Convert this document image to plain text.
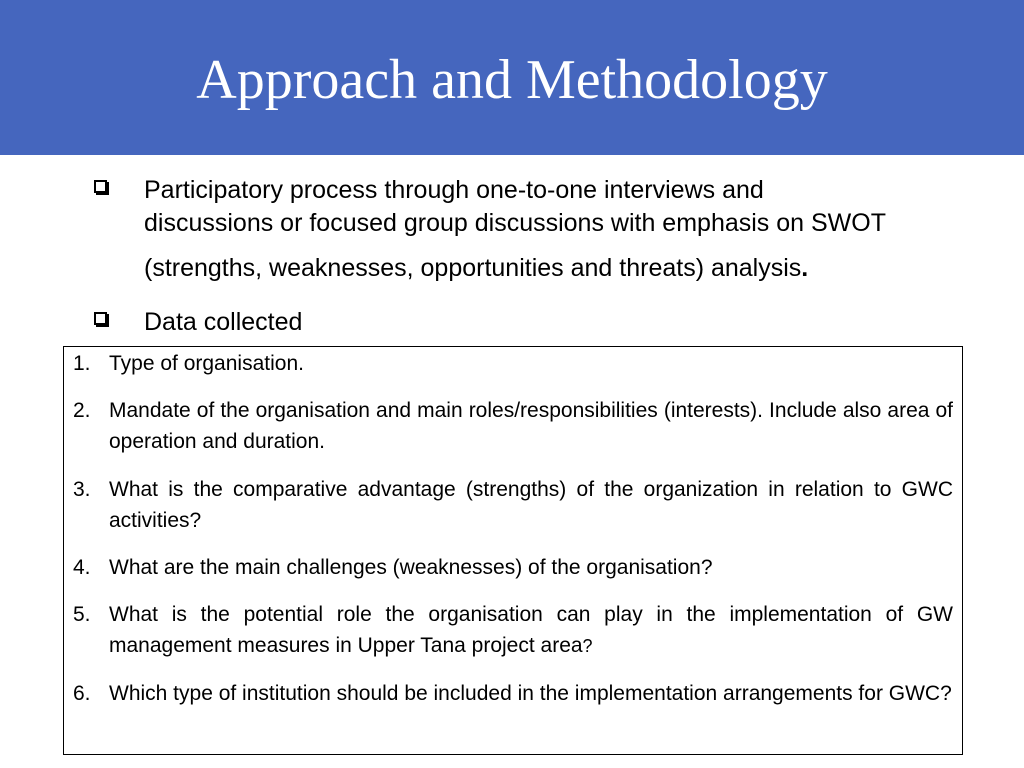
Approach and Methodology
Participatory process through one-to-one interviews and
discussions or focused group discussions with emphasis on SWOT
(strengths, weaknesses, opportunities and threats) analysis.
Data collected
1. Type of organisation.
2. Mandate of the organisation and main roles/responsibilities (interests). Include also area of operation and duration.
3. What is the comparative advantage (strengths) of the organization in relation to GWC activities?
4. What are the main challenges (weaknesses) of the organisation?
5. What is the potential role the organisation can play in the implementation of GW management measures in Upper Tana project area?
6. Which type of institution should be included in the implementation arrangements for GWC?
